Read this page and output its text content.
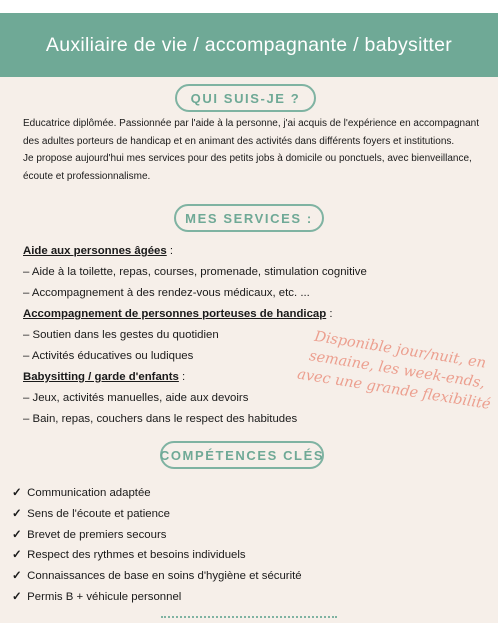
Auxiliaire de vie / accompagnante / babysitter
QUI SUIS-JE ?

Educatrice diplômée. Passionnée par l'aide à la personne, j'ai acquis de l'expérience en accompagnant des adultes porteurs de handicap et en animant des activités dans différents foyers et institutions.

Je propose aujourd'hui mes services pour des petits jobs à domicile ou ponctuels, avec bienveillance, écoute et professionnalisme.

MES SERVICES :
Aide aux personnes âgées :
– Aide à la toilette, repas, courses, promenade, stimulation cognitive
– Accompagnement à des rendez-vous médicaux, etc. ...
Accompagnement de personnes porteuses de handicap :
– Soutien dans les gestes du quotidien
– Activités éducatives ou ludiques
Babysitting / garde d'enfants :
– Jeux, activités manuelles, aide aux devoirs
– Bain, repas, couchers dans le respect des habitudes
Disponible jour/nuit, en semaine, les week-ends, avec une grande flexibilité
COMPÉTENCES CLÉS
✓ Communication adaptée
✓ Sens de l'écoute et patience
✓ Brevet de premiers secours
✓ Respect des rythmes et besoins individuels
✓ Connaissances de base en soins d'hygiène et sécurité
✓ Permis B + véhicule personnel
